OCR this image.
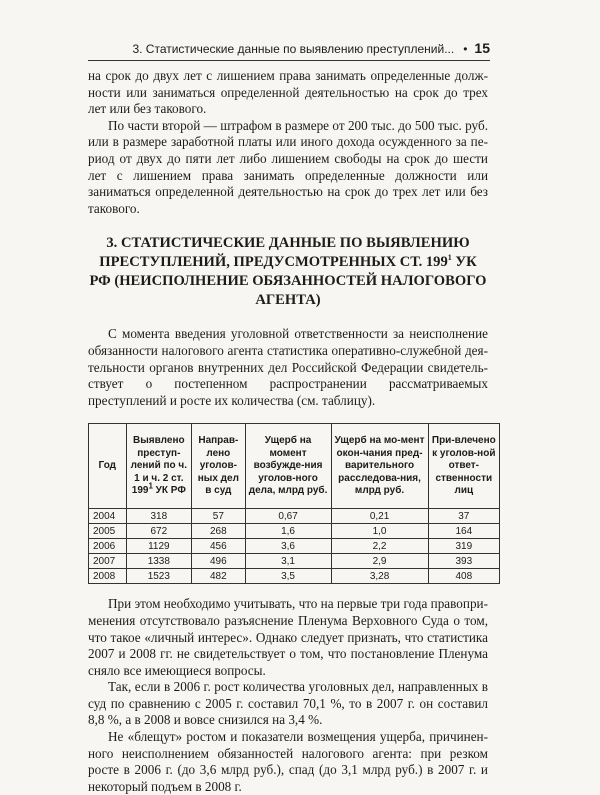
3. Статистические данные по выявлению преступлений... • 15

на срок до двух лет с лишением права занимать определенные долж-ности или заниматься определенной деятельностью на срок до трех лет или без такового.

По части второй — штрафом в размере от 200 тыс. до 500 тыс. руб. или в размере заработной платы или иного дохода осужденного за пе-риод от двух до пяти лет либо лишением свободы на срок до шести лет с лишением права занимать определенные должности или заниматься определенной деятельностью на срок до трех лет или без такового.

3. СТАТИСТИЧЕСКИЕ ДАННЫЕ ПО ВЫЯВЛЕНИЮ ПРЕСТУПЛЕНИЙ, ПРЕДУСМОТРЕННЫХ СТ. $199^1$ УК РФ (НЕИСПОЛНЕНИЕ ОБЯЗАННОСТЕЙ НАЛОГОВОГО АГЕНТА)

С момента введения уголовной ответственности за неисполнение обязанности налогового агента статистика оперативно-служебной дея-тельности органов внутренних дел Российской Федерации свидетель-ствует о постепенном распространении рассматриваемых преступлений и росте их количества (см. таблицу).

Год	Выявлено преступ-лений по ч. 1 и ч. 2 ст. $199^1$ УК РФ	Направ-лено уголов-ных дел в суд	Ущерб на момент возбужде-ния уголов-ного дела, млрд руб.	Ущерб на мо-мент окон-чания пред-варительного расследова-ния, млрд руб.	При-влечено к уголов-ной ответ-ственности лиц
2004	318	57	0,67	0,21	37
2005	672	268	1,6	1,0	164
2006	1129	456	3,6	2,2	319
2007	1338	496	3,1	2,9	393
2008	1523	482	3,5	3,28	408

При этом необходимо учитывать, что на первые три года правопри-менения отсутствовало разъяснение Пленума Верховного Суда о том, что такое «личный интерес». Однако следует признать, что статистика 2007 и 2008 гг. не свидетельствует о том, что постановление Пленума сняло все имеющиеся вопросы.

Так, если в 2006 г. рост количества уголовных дел, направленных в суд по сравнению с 2005 г. составил 70,1 %, то в 2007 г. он составил 8,8 %, а в 2008 и вовсе снизился на 3,4 %.

Не «блещут» ростом и показатели возмещения ущерба, причинен-ного неисполнением обязанностей налогового агента: при резком росте в 2006 г. (до 3,6 млрд руб.), спад (до 3,1 млрд руб.) в 2007 г. и некоторый подъем в 2008 г.
